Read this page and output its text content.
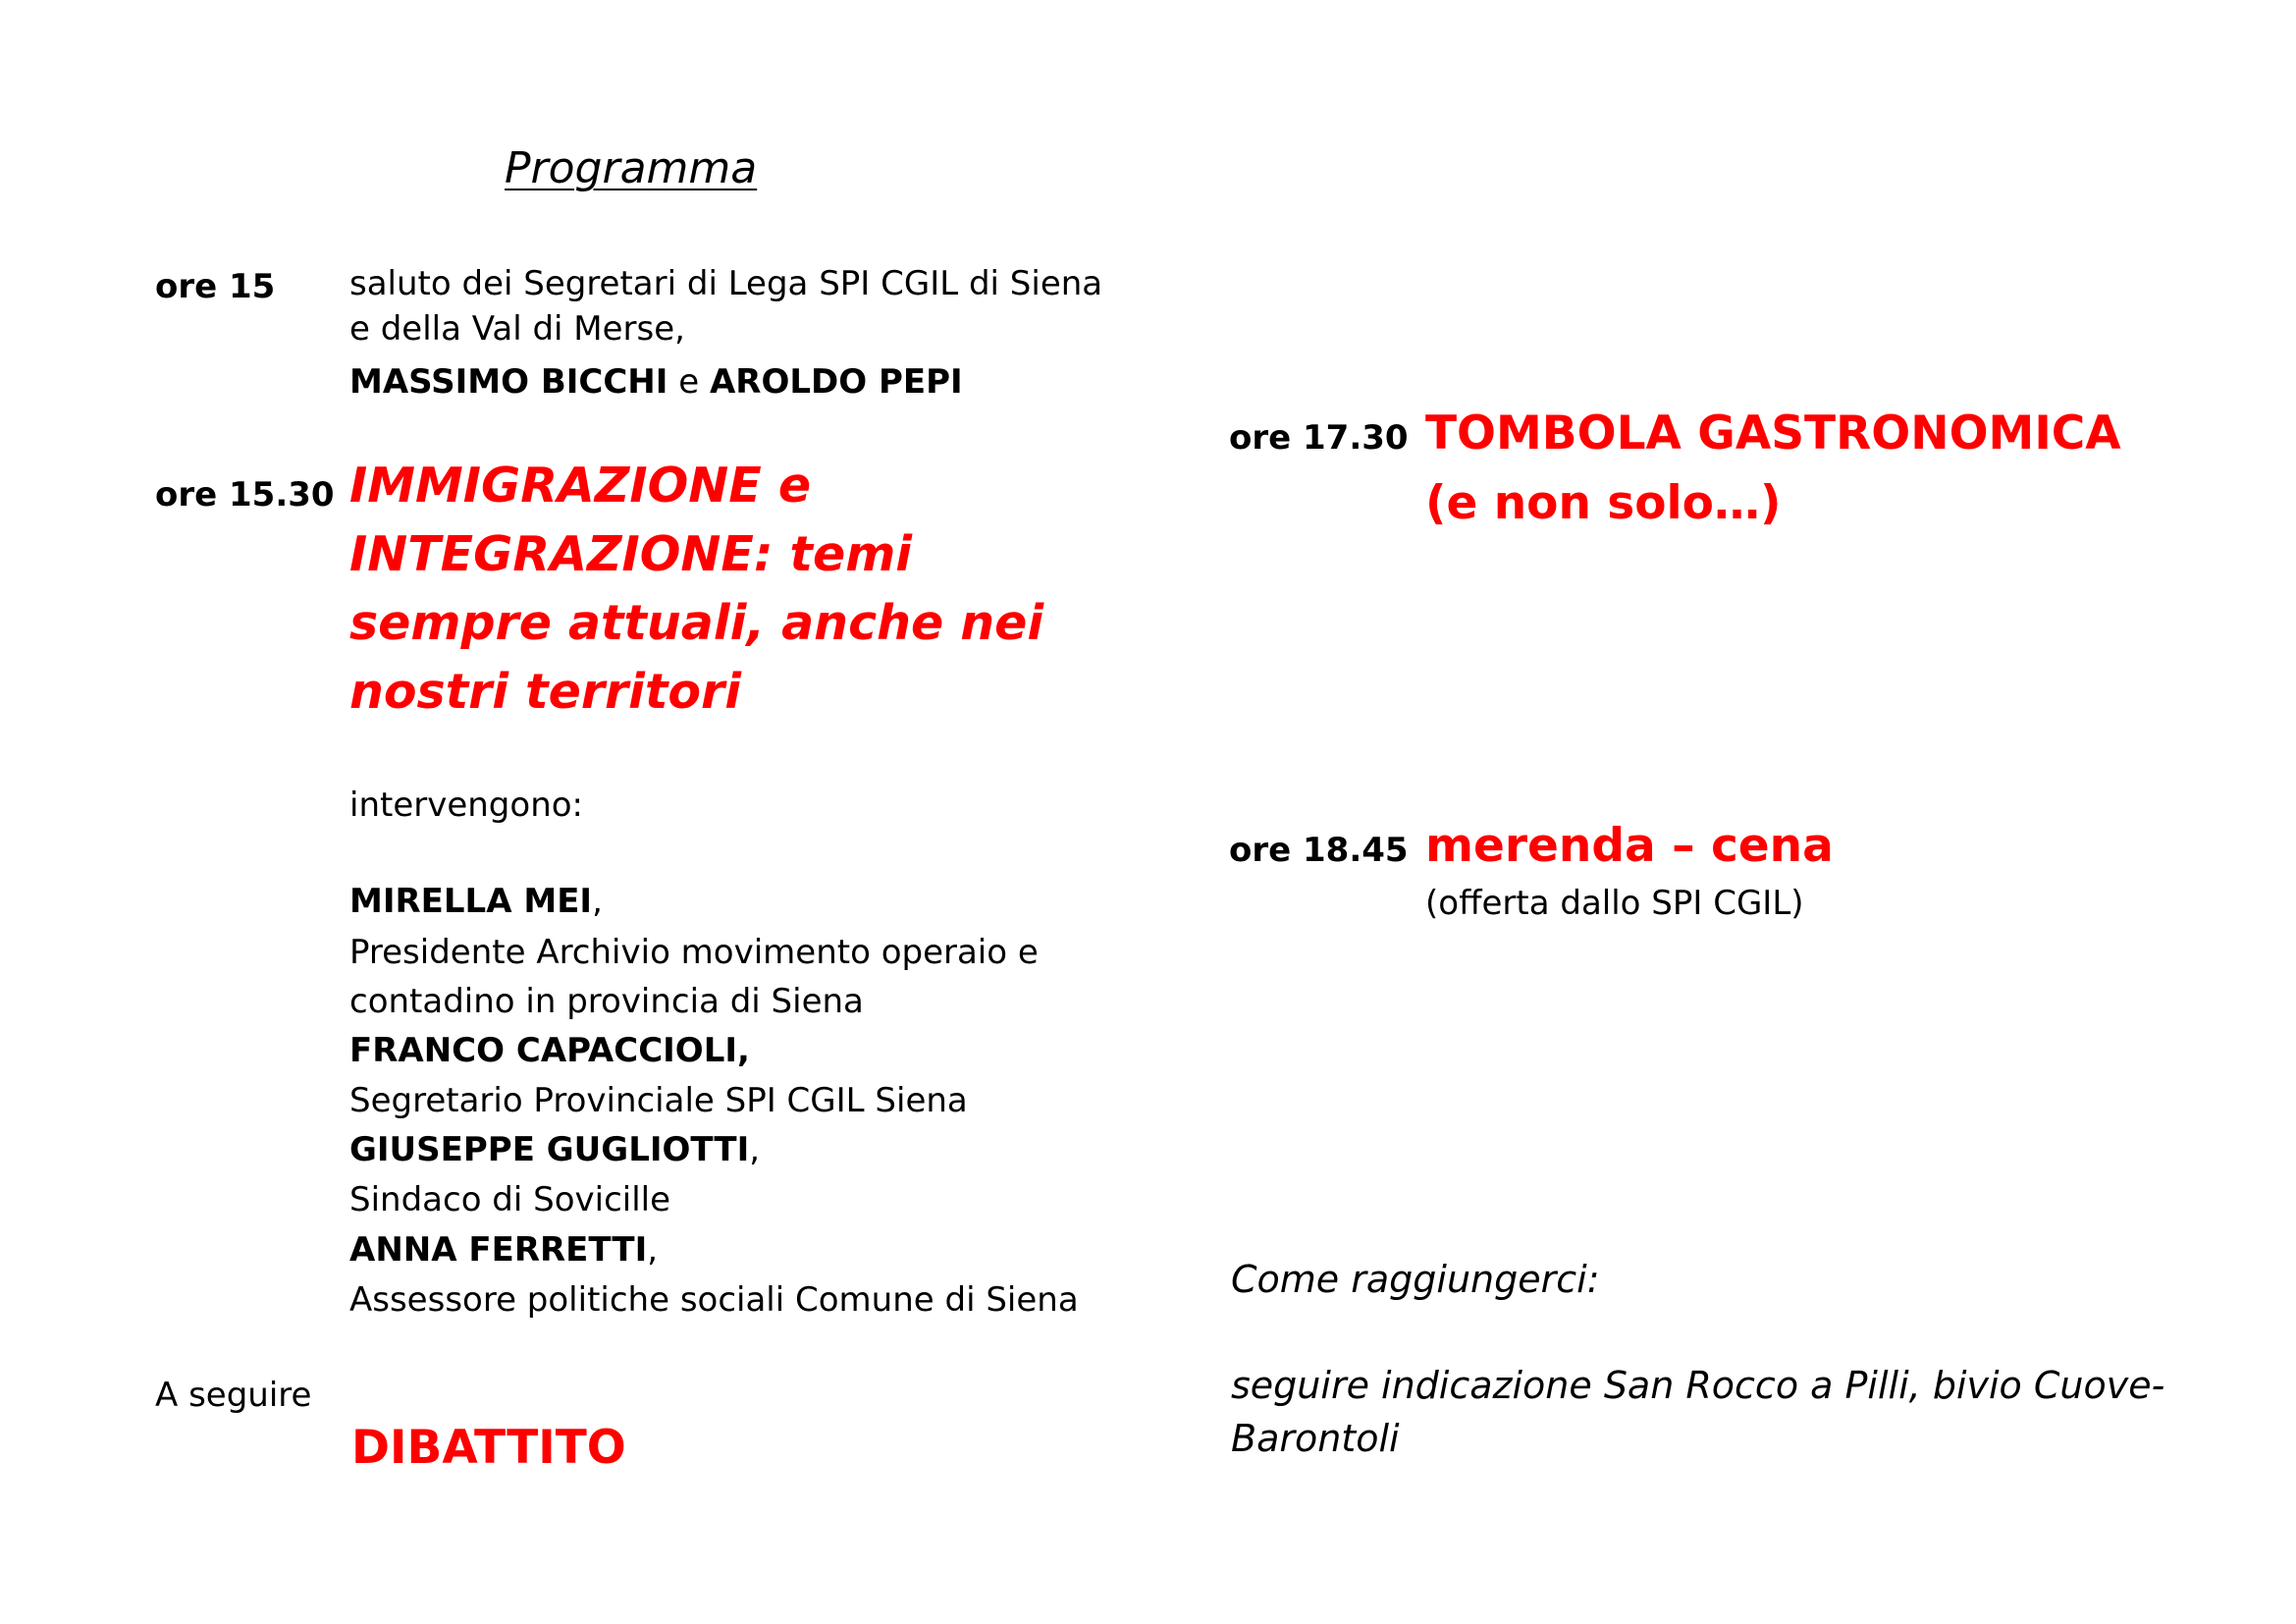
Programma
ore 15 saluto dei Segretari di Lega SPI CGIL di Siena
e della Val di Merse,
MASSIMO BICCHI e AROLDO PEPI
ore 15.30 IMMIGRAZIONE e
INTEGRAZIONE: temi
sempre attuali, anche nei
nostri territori
intervengono:
MIRELLA MEI,
Presidente Archivio movimento operaio e
contadino in provincia di Siena
FRANCO CAPACCIOLI,
Segretario Provinciale SPI CGIL Siena
GIUSEPPE GUGLIOTTI,
Sindaco di Sovicille
ANNA FERRETTI,
Assessore politiche sociali Comune di Siena
A seguire
DIBATTITO
ore 17.30 TOMBOLA GASTRONOMICA
(e non solo…)
ore 18.45 merenda – cena
(offerta dallo SPI CGIL)
Come raggiungerci:
seguire indicazione San Rocco a Pilli, bivio Cuove-
Barontoli
